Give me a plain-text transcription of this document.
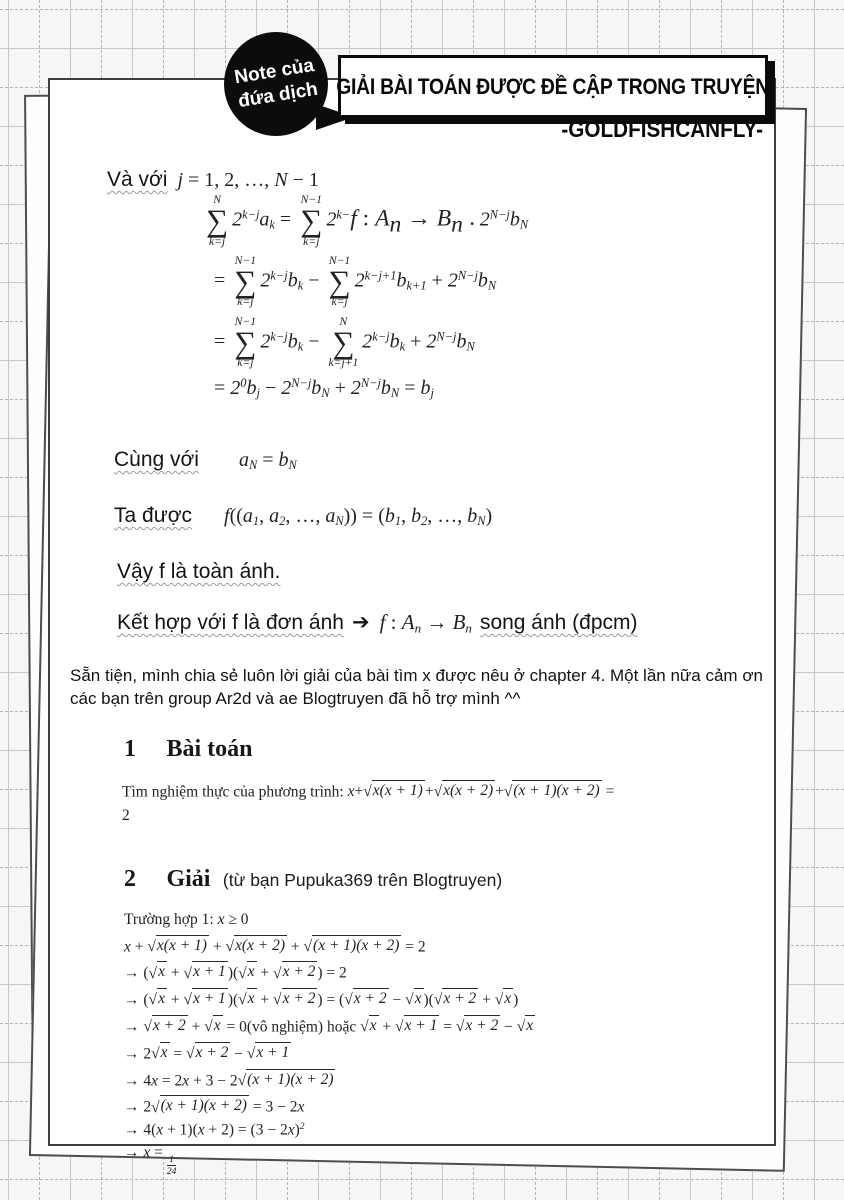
Và với j = 1, 2, …, N − 1
N
∑
k=j
$2^{k-j}ak$ =
N−1
∑
k=j
$2^{k-}f$ : $An \to Bn \cdot 2^{N-j}bN$
=
N−1
∑
k=j
$2^{k-j}bk$ −
N−1
∑
k=j
$2^{k-j+1}bk+1 + 2^{N-j}bN$
=
N−1
∑
k=j
$2^{k-j}bk$ −
N
∑
k=j+1
$2^{k-j}bk + 2^{N-j}bN$
= $2^0bj - 2^{N-j}bN + 2^{N-j}bN$ = bj
Cùng với aN = bN
Ta được f((a1, a2, …, aN)) = (b1, b2, …, bN)
Vậy f là toàn ánh.
Kết hợp với f là đơn ánh ➔ f : An → Bn song ánh (đpcm)
Sẵn tiện, mình chia sẻ luôn lời giải của bài tìm x được nêu ở chapter 4. Một lần nữa cảm ơn các bạn trên group Ar2d và ae Blogtruyen đã hỗ trợ mình ^^
1 Bài toán
Tìm nghiệm thực của phương trình: x+ √ x(x + 1) + √ x(x + 2) + √ (x + 1)(x + 2) =
2
2 Giải (từ bạn Pupuka369 trên Blogtruyen)
Trường hợp 1: x ≥ 0
x + √ x(x + 1) + √ x(x + 2) + √ (x + 1)(x + 2) = 2
→ ( √ x + √ x + 1 )( √ x + √ x + 2 ) = 2
→ ( √ x + √ x + 1 )( √ x + √ x + 2 ) = ( √ x + 2 − √ x )( √ x + 2 + √ x )
→ √ x + 2 + √ x = 0(vô nghiệm) hoặc √ x + √ x + 1 = √ x + 2 − √ x
→ 2 √ x = √ x + 2 − √ x + 1
→ 4x = 2x + 3 − 2 √ (x + 1)(x + 2)
→ 2 √ (x + 1)(x + 2) = 3 − 2x
→ $4(x + 1)(x + 2) = (3 - 2x)^2$
→ x =
$\frac{1}{24}$
Note của
đứa dịch GIẢI BÀI TOÁN ĐƯỢC ĐỀ CẬP TRONG TRUYỆN
-GOLDFISHCANFLY-
